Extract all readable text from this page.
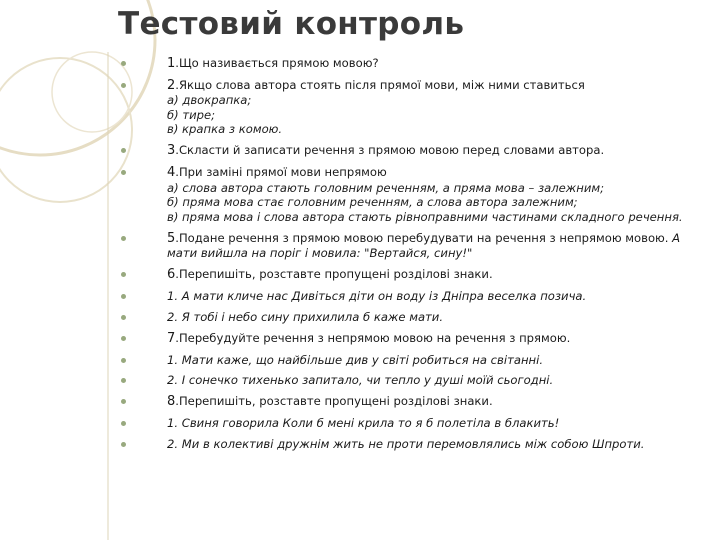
Тестовий контроль
1.Що називається прямою мовою?
2.Якщо слова автора стоять після прямої мови, між ними ставиться
а) двокрапка;
б) тире;
в) крапка з комою.
3.Скласти й записати речення з прямою мовою перед словами автора.
4.При заміні прямої мови непрямою
а) слова автора стають головним реченням, а пряма мова – залежним;
б) пряма мова стає головним реченням, а слова автора залежним;
в) пряма мова і слова автора стають рівноправними частинами складного речення.
5.Подане речення з прямою мовою перебудувати на речення з непрямою мовою. А мати вийшла на поріг і мовила: "Вертайся, сину!"
6.Перепишіть, розставте пропущені розділові знаки.
1. А мати кличе нас Дивіться діти он воду із Дніпра веселка позича.
2. Я тобі і небо сину прихилила б каже мати.
7.Перебудуйте речення з непрямою мовою на речення з прямою.
1. Мати каже, що найбільше див у світі робиться на світанні.
2. І сонечко тихенько запитало, чи тепло у душі моїй сьогодні.
8.Перепишіть, розставте пропущені розділові знаки.
1. Свиня говорила Коли б мені крила то я б полетіла в блакить!
2. Ми в колективі дружнім жить не проти перемовлялись між собою Шпроти.
